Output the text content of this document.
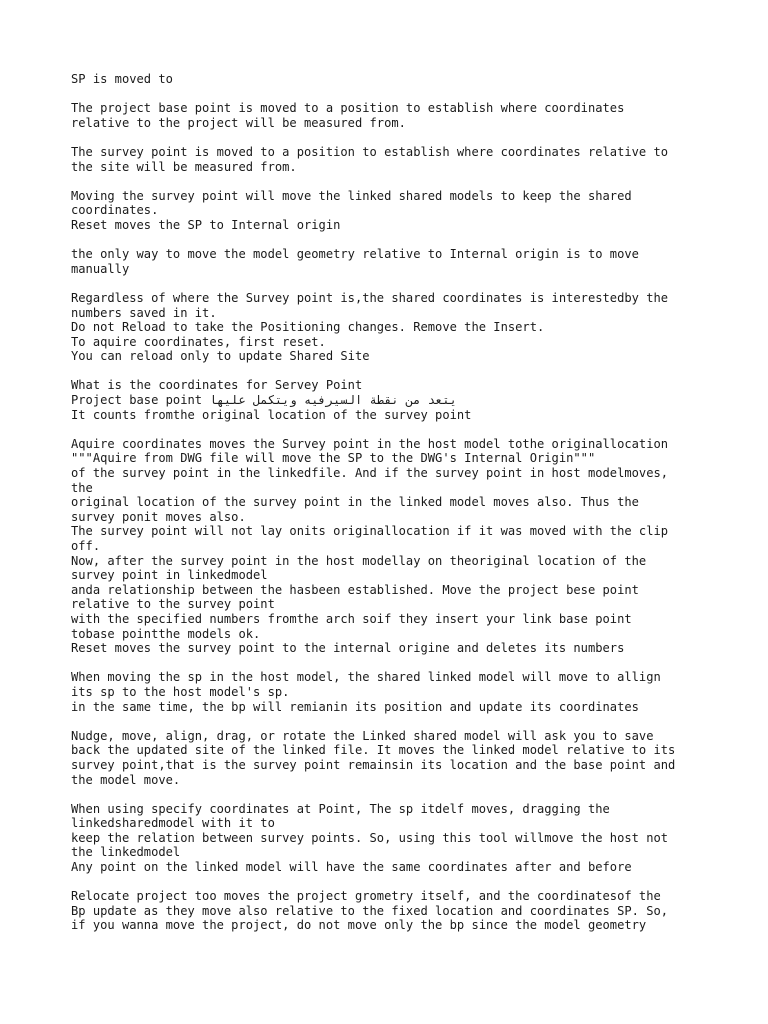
SP is moved to

The project base point is moved to a position to establish where coordinates
relative to the project will be measured from.

The survey point is moved to a position to establish where coordinates relative to
the site will be measured from.

Moving the survey point will move the linked shared models to keep the shared
coordinates.
Reset moves the SP to Internal origin

the only way to move the model geometry relative to Internal origin is to move
manually

Regardless of where the Survey point is,the shared coordinates is interestedby the
numbers saved in it.
Do not Reload to take the Positioning changes. Remove the Insert.
To aquire coordinates, first reset.
You can reload only to update Shared Site

What is the coordinates for Servey Point
Project base point يتعد من نقطة السيرفيه ويتكمل عليها
It counts fromthe original location of the survey point

Aquire coordinates moves the Survey point in the host model tothe originallocation
"""Aquire from DWG file will move the SP to the DWG's Internal Origin"""
of the survey point in the linkedfile. And if the survey point in host modelmoves,
the
original location of the survey point in the linked model moves also. Thus the
survey ponit moves also.
The survey point will not lay onits originallocation if it was moved with the clip
off.
Now, after the survey point in the host modellay on theoriginal location of the
survey point in linkedmodel
anda relationship between the hasbeen established. Move the project bese point
relative to the survey point
with the specified numbers fromthe arch soif they insert your link base point
tobase pointthe models ok.
Reset moves the survey point to the internal origine and deletes its numbers

When moving the sp in the host model, the shared linked model will move to allign
its sp to the host model's sp.
in the same time, the bp will remianin its position and update its coordinates

Nudge, move, align, drag, or rotate the Linked shared model will ask you to save
back the updated site of the linked file. It moves the linked model relative to its
survey point,that is the survey point remainsin its location and the base point and
the model move.

When using specify coordinates at Point, The sp itdelf moves, dragging the
linkedsharedmodel with it to
keep the relation between survey points. So, using this tool willmove the host not
the linkedmodel
Any point on the linked model will have the same coordinates after and before

Relocate project too moves the project grometry itself, and the coordinatesof the
Bp update as they move also relative to the fixed location and coordinates SP. So,
if you wanna move the project, do not move only the bp since the model geometry
